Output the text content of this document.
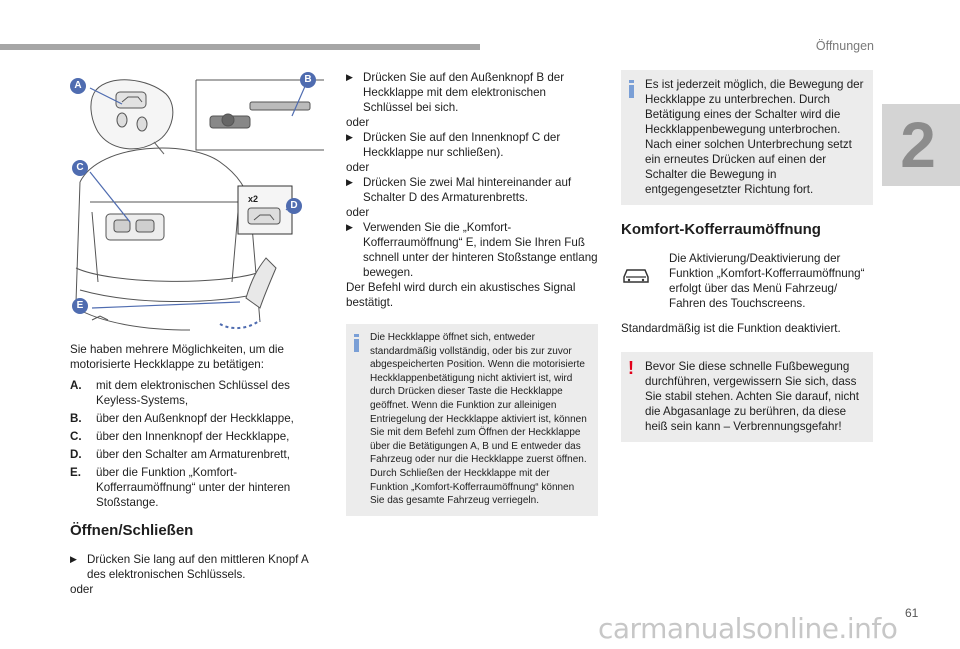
Öffnungen
2
A
B
C
D
E
x2

Sie haben mehrere Möglichkeiten, um die motorisierte Heckklappe zu betätigen:

A.	mit dem elektronischen Schlüssel des Keyless-Systems,
B.	über den Außenknopf der Heckklappe,
C.	über den Innenknopf der Heckklappe,
D.	über den Schalter am Armaturenbrett,
E.	über die Funktion „Komfort-Kofferraumöffnung“ unter der hinteren Stoßstange.
Öffnen/Schließen
▶ Drücken Sie lang auf den mittleren Knopf A des elektronischen Schlüssels.

oder

▶ Drücken Sie auf den Außenknopf B der Heckklappe mit dem elektronischen Schlüssel bei sich.

oder

▶ Drücken Sie auf den Innenknopf C der Heckklappe nur schließen).

oder

▶ Drücken Sie zwei Mal hintereinander auf Schalter D des Armaturenbretts.

oder

▶ Verwenden Sie die „Komfort-Kofferraumöffnung“ E, indem Sie Ihren Fuß schnell unter der hinteren Stoßstange entlang bewegen.

Der Befehl wird durch ein akustisches Signal bestätigt.

Die Heckklappe öffnet sich, entweder standardmäßig vollständig, oder bis zur zuvor abgespeicherten Position. Wenn die motorisierte Heckklappenbetätigung nicht aktiviert ist, wird durch Drücken dieser Taste die Heckklappe geöffnet. Wenn die Funktion zur alleinigen Entriegelung der Heckklappe aktiviert ist, können Sie mit dem Befehl zum Öffnen der Heckklappe über die Betätigungen A, B und E entweder das Fahrzeug oder nur die Heckklappe zuerst öffnen. Durch Schließen der Heckklappe mit der Funktion „Komfort-Kofferraumöffnung“ können Sie das gesamte Fahrzeug verriegeln.

Es ist jederzeit möglich, die Bewegung der Heckklappe zu unterbrechen. Durch Betätigung eines der Schalter wird die Heckklappenbewegung unterbrochen. Nach einer solchen Unterbrechung setzt ein erneutes Drücken auf einen der Schalter die Bewegung in entgegengesetzter Richtung fort.

Komfort-Kofferraumöffnung

Die Aktivierung/Deaktivierung der Funktion „Komfort-Kofferraumöffnung“ erfolgt über das Menü Fahrzeug/ Fahren des Touchscreens.

Standardmäßig ist die Funktion deaktiviert.

! Bevor Sie diese schnelle Fußbewegung durchführen, vergewissern Sie sich, dass Sie stabil stehen. Achten Sie darauf, nicht die Abgasanlage zu berühren, da diese heiß sein kann – Verbrennungsgefahr!

61
carmanualsonline.info
